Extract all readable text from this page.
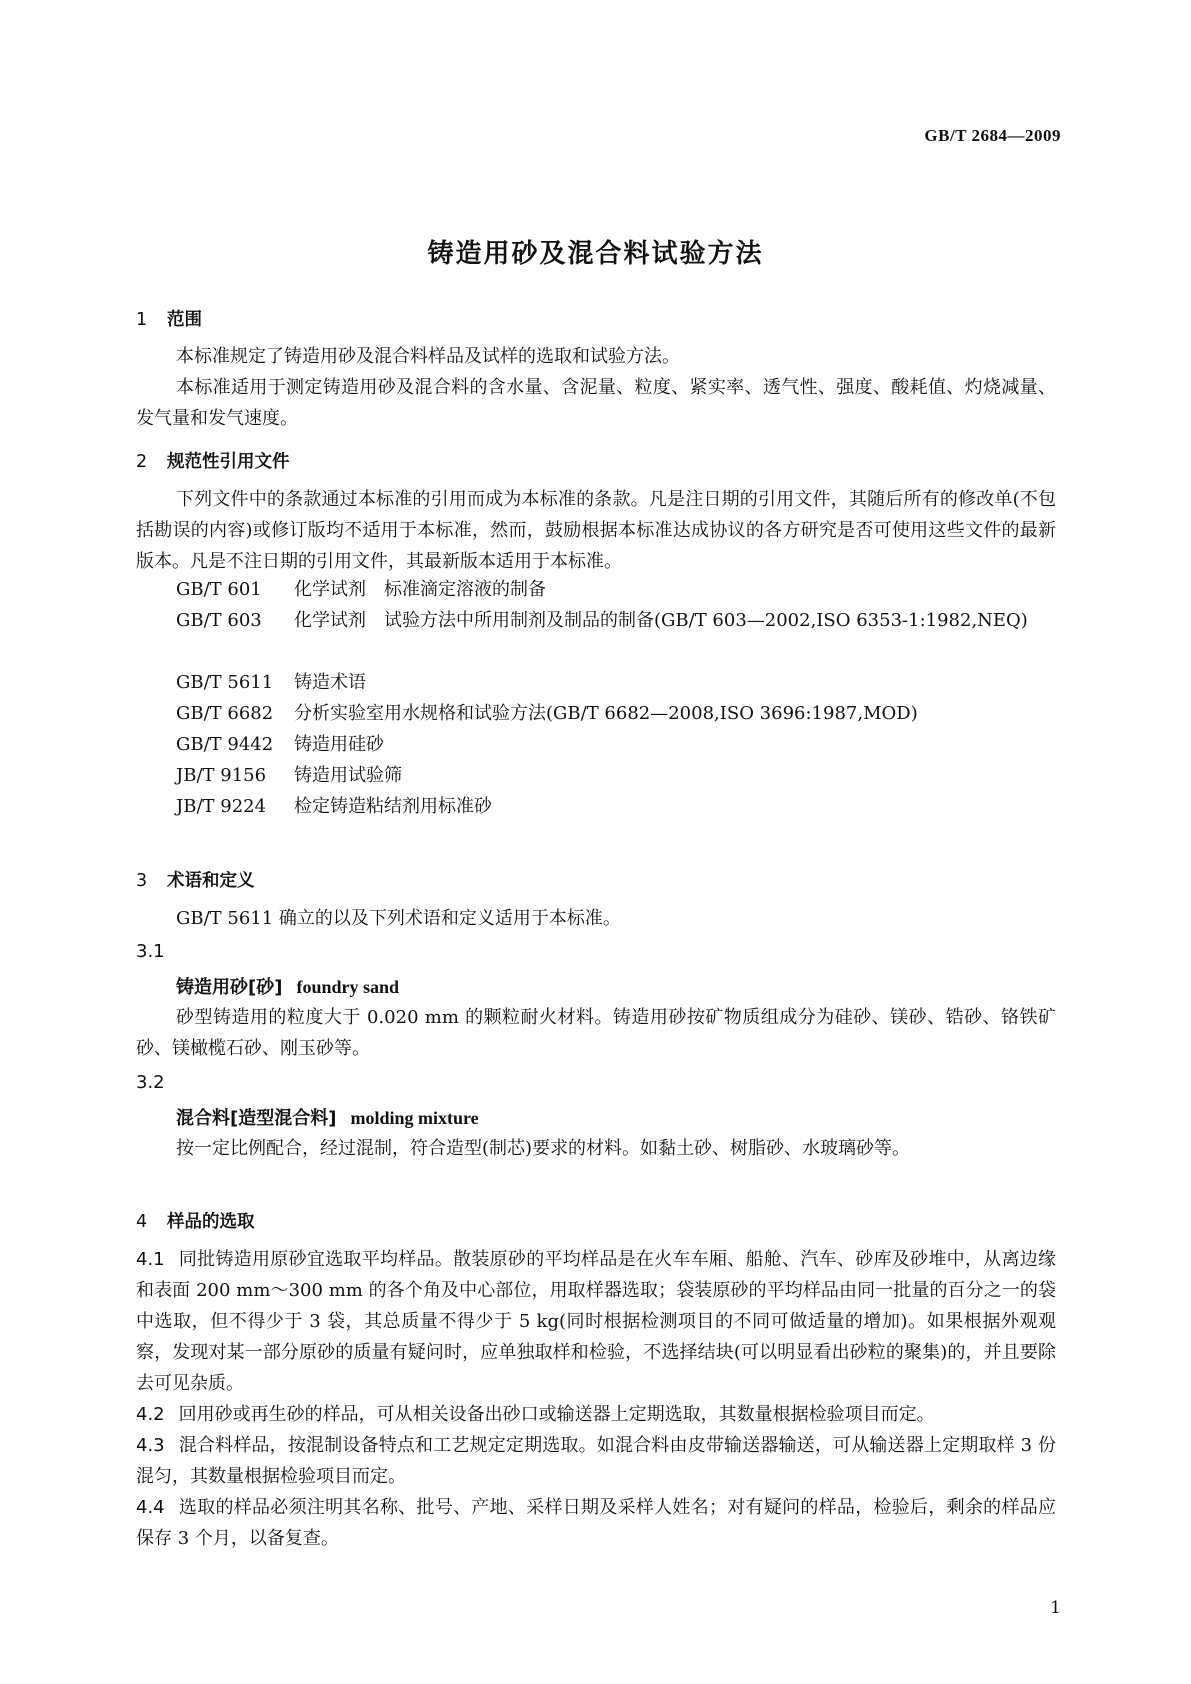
GB/T 2684—2009
铸造用砂及混合料试验方法
1 范围

本标准规定了铸造用砂及混合料样品及试样的选取和试验方法。

本标准适用于测定铸造用砂及混合料的含水量、含泥量、粒度、紧实率、透气性、强度、酸耗值、灼烧减量、发气量和发气速度。

2 规范性引用文件

下列文件中的条款通过本标准的引用而成为本标准的条款。凡是注日期的引用文件，其随后所有的修改单(不包括勘误的内容)或修订版均不适用于本标准，然而，鼓励根据本标准达成协议的各方研究是否可使用这些文件的最新版本。凡是不注日期的引用文件，其最新版本适用于本标准。

GB/T 601 化学试剂　标准滴定溶液的制备

GB/T 603 化学试剂　试验方法中所用制剂及制品的制备(GB/T 603—2002,ISO 6353-1:1982,NEQ)

GB/T 5611 铸造术语
GB/T 6682 分析实验室用水规格和试验方法(GB/T 6682—2008,ISO 3696:1987,MOD)
GB/T 9442 铸造用硅砂
JB/T 9156 铸造用试验筛
JB/T 9224 检定铸造粘结剂用标准砂
3 术语和定义

GB/T 5611 确立的以及下列术语和定义适用于本标准。

3.1
铸造用砂[砂] foundry sand

砂型铸造用的粒度大于 0.020 mm 的颗粒耐火材料。铸造用砂按矿物质组成分为硅砂、镁砂、锆砂、铬铁矿砂、镁橄榄石砂、刚玉砂等。

3.2
混合料[造型混合料] molding mixture

按一定比例配合，经过混制，符合造型(制芯)要求的材料。如黏土砂、树脂砂、水玻璃砂等。

4 样品的选取

4.1 同批铸造用原砂宜选取平均样品。散装原砂的平均样品是在火车车厢、船舱、汽车、砂库及砂堆中，从离边缘和表面 200 mm～300 mm 的各个角及中心部位，用取样器选取；袋装原砂的平均样品由同一批量的百分之一的袋中选取，但不得少于 3 袋，其总质量不得少于 5 kg(同时根据检测项目的不同可做适量的增加)。如果根据外观观察，发现对某一部分原砂的质量有疑问时，应单独取样和检验，不选择结块(可以明显看出砂粒的聚集)的，并且要除去可见杂质。

4.2 回用砂或再生砂的样品，可从相关设备出砂口或输送器上定期选取，其数量根据检验项目而定。

4.3 混合料样品，按混制设备特点和工艺规定定期选取。如混合料由皮带输送器输送，可从输送器上定期取样 3 份混匀，其数量根据检验项目而定。

4.4 选取的样品必须注明其名称、批号、产地、采样日期及采样人姓名；对有疑问的样品，检验后，剩余的样品应保存 3 个月，以备复查。

1
